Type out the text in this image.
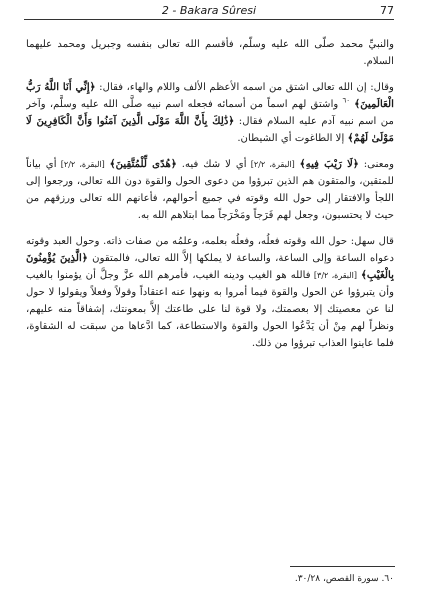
2 - Bakara Sûresi	77

والنبيِّ محمد صلَّى الله عليه وسلَّم، فأقسم الله تعالى بنفسه وجبريل ومحمد عليهما السلام.

وقال: إن الله تعالى اشتق من اسمه الأعظم الألف واللام والهاء، فقال: ﴿إِنِّي أَنَا اللَّهُ رَبُّ الْعَالَمِينَ﴾ $^{٦٠}$ واشتق لهم اسماً من أسمائه فجعله اسم نبيه صلَّى الله عليه وسلَّم، وآخر من اسم نبيه آدم عليه السلام فقال: ﴿ذَٰلِكَ بِأَنَّ اللَّهَ مَوْلَى الَّذِينَ آمَنُوا وَأَنَّ الْكَافِرِينَ لَا مَوْلَىٰ لَهُمْ﴾ إلا الطاغوت أي الشيطان.

ومعنى: ﴿لَا رَيْبَ فِيهِ﴾ [البقرة، ٢/٢] أي لا شك فيه. ﴿هُدًى لِّلْمُتَّقِينَ﴾ [البقرة، ٢/٢] أي بياناً للمتقين، والمتقون هم الذين تبرؤوا من دعوى الحول والقوة دون الله تعالى، ورجعوا إلى اللجأ والافتقار إلى حول الله وقوته في جميع أحوالهم، فأعانهم الله تعالى ورزقهم من حيث لا يحتسبون، وجعل لهم فَرَجاً ومَخْرَجاً مما ابتلاهم الله به.

قال سهل: حول الله وقوته فعلُه، وفعلُه بعلمه، وعلمُه من صفات ذاته. وحول العبد وقوته دعواه الساعة وإلى الساعة، والساعة لا يملكها إلاَّ الله تعالى، فالمتقون ﴿الَّذِينَ يُؤْمِنُونَ بِالْغَيْبِ﴾ [البقرة، ٣/٢] فالله هو الغيب ودينه الغيب، فأمرهم الله عزَّ وجلَّ أن يؤمنوا بالغيب وأن يتبرؤوا عن الحول والقوة فيما أمروا به ونهوا عنه اعتقاداً وقولاً وفعلاً ويقولوا لا حول لنا عن معصيتك إلا بعصمتك، ولا قوة لنا على طاعتك إلاَّ بمعونتك، إشفاقاً منه عليهم، ونظراً لهم مِنْ أن يَدَّعُوا الحول والقوة والاستطاعة، كما ادَّعاها من سبقت له الشقاوة، فلما عاينوا العذاب تبرؤوا من ذلك.

٦٠. سورة القصص، ٣٠/٢٨.
